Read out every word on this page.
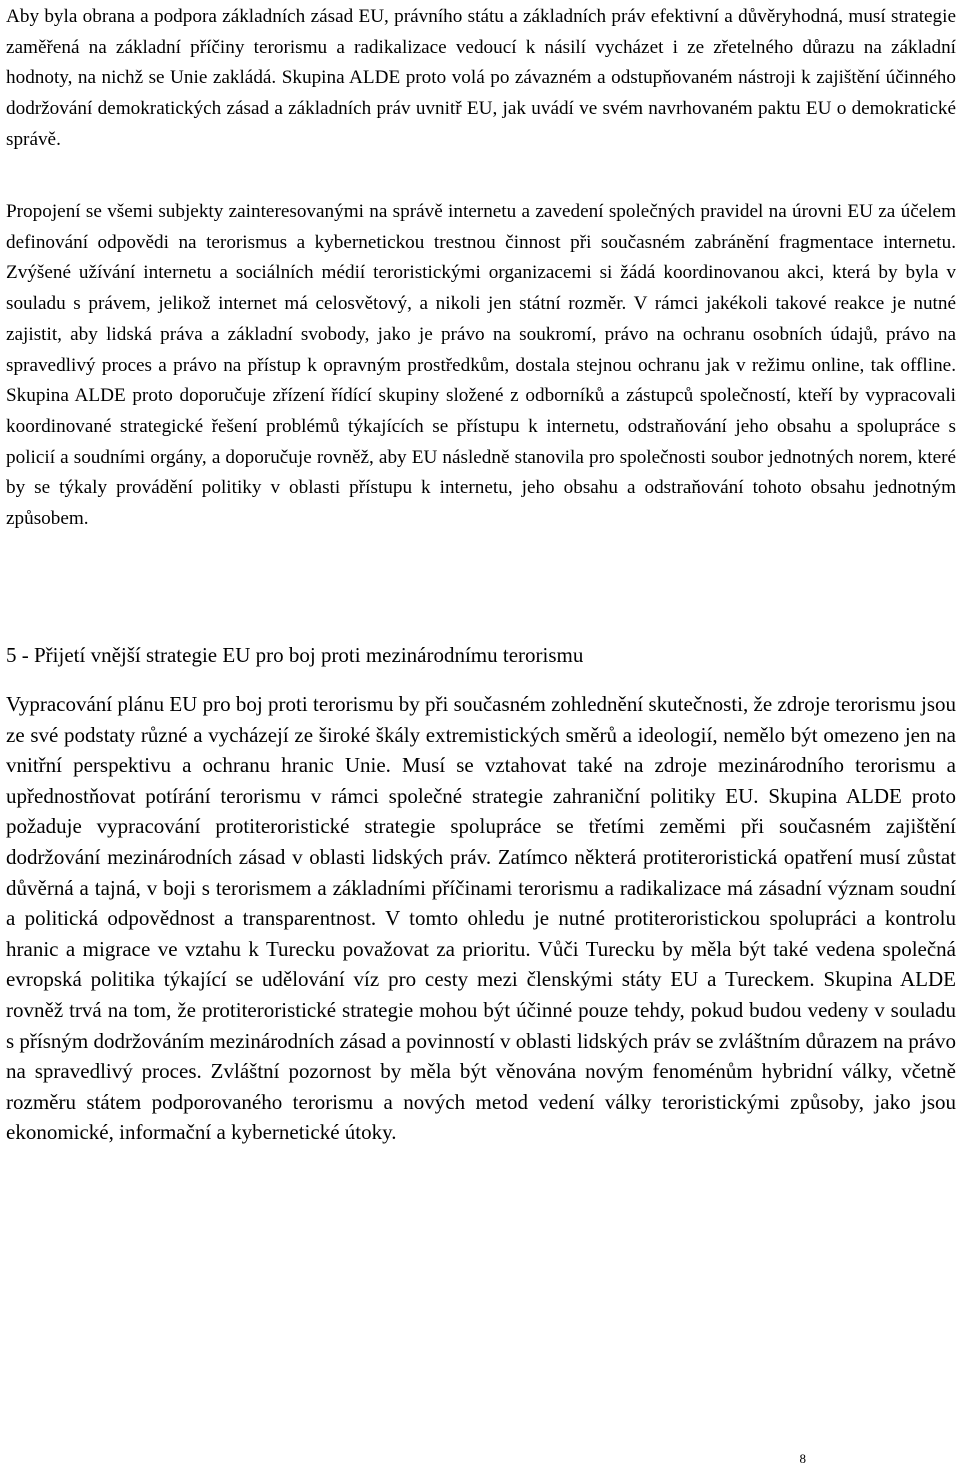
Aby byla obrana a podpora základních zásad EU, právního státu a základních práv efektivní a důvěryhodná, musí strategie zaměřená na základní příčiny terorismu a radikalizace vedoucí k násilí vycházet i ze zřetelného důrazu na základní hodnoty, na nichž se Unie zakládá. Skupina ALDE proto volá po závazném a odstupňovaném nástroji k zajištění účinného dodržování demokratických zásad a základních práv uvnitř EU, jak uvádí ve svém navrhovaném paktu EU o demokratické správě.

Propojení se všemi subjekty zainteresovanými na správě internetu a zavedení společných pravidel na úrovni EU za účelem definování odpovědi na terorismus a kybernetickou trestnou činnost při současném zabránění fragmentace internetu. Zvýšené užívání internetu a sociálních médií teroristickými organizacemi si žádá koordinovanou akci, která by byla v souladu s právem, jelikož internet má celosvětový, a nikoli jen státní rozměr. V rámci jakékoli takové reakce je nutné zajistit, aby lidská práva a základní svobody, jako je právo na soukromí, právo na ochranu osobních údajů, právo na spravedlivý proces a právo na přístup k opravným prostředkům, dostala stejnou ochranu jak v režimu online, tak offline. Skupina ALDE proto doporučuje zřízení řídící skupiny složené z odborníků a zástupců společností, kteří by vypracovali koordinované strategické řešení problémů týkajících se přístupu k internetu, odstraňování jeho obsahu a spolupráce s policií a soudními orgány, a doporučuje rovněž, aby EU následně stanovila pro společnosti soubor jednotných norem, které by se týkaly provádění politiky v oblasti přístupu k internetu, jeho obsahu a odstraňování tohoto obsahu jednotným způsobem.

5 - Přijetí vnější strategie EU pro boj proti mezinárodnímu terorismu

Vypracování plánu EU pro boj proti terorismu by při současném zohlednění skutečnosti, že zdroje terorismu jsou ze své podstaty různé a vycházejí ze široké škály extremistických směrů a ideologií, nemělo být omezeno jen na vnitřní perspektivu a ochranu hranic Unie. Musí se vztahovat také na zdroje mezinárodního terorismu a upřednostňovat potírání terorismu v rámci společné strategie zahraniční politiky EU. Skupina ALDE proto požaduje vypracování protiteroristické strategie spolupráce se třetími zeměmi při současném zajištění dodržování mezinárodních zásad v oblasti lidských práv. Zatímco některá protiteroristická opatření musí zůstat důvěrná a tajná, v boji s terorismem a základními příčinami terorismu a radikalizace má zásadní význam soudní a politická odpovědnost a transparentnost. V tomto ohledu je nutné protiteroristickou spolupráci a kontrolu hranic a migrace ve vztahu k Turecku považovat za prioritu. Vůči Turecku by měla být také vedena společná evropská politika týkající se udělování víz pro cesty mezi členskými státy EU a Tureckem. Skupina ALDE rovněž trvá na tom, že protiteroristické strategie mohou být účinné pouze tehdy, pokud budou vedeny v souladu s přísným dodržováním mezinárodních zásad a povinností v oblasti lidských práv se zvláštním důrazem na právo na spravedlivý proces. Zvláštní pozornost by měla být věnována novým fenoménům hybridní války, včetně rozměru státem podporovaného terorismu a nových metod vedení války teroristickými způsoby, jako jsou ekonomické, informační a kybernetické útoky.

8
